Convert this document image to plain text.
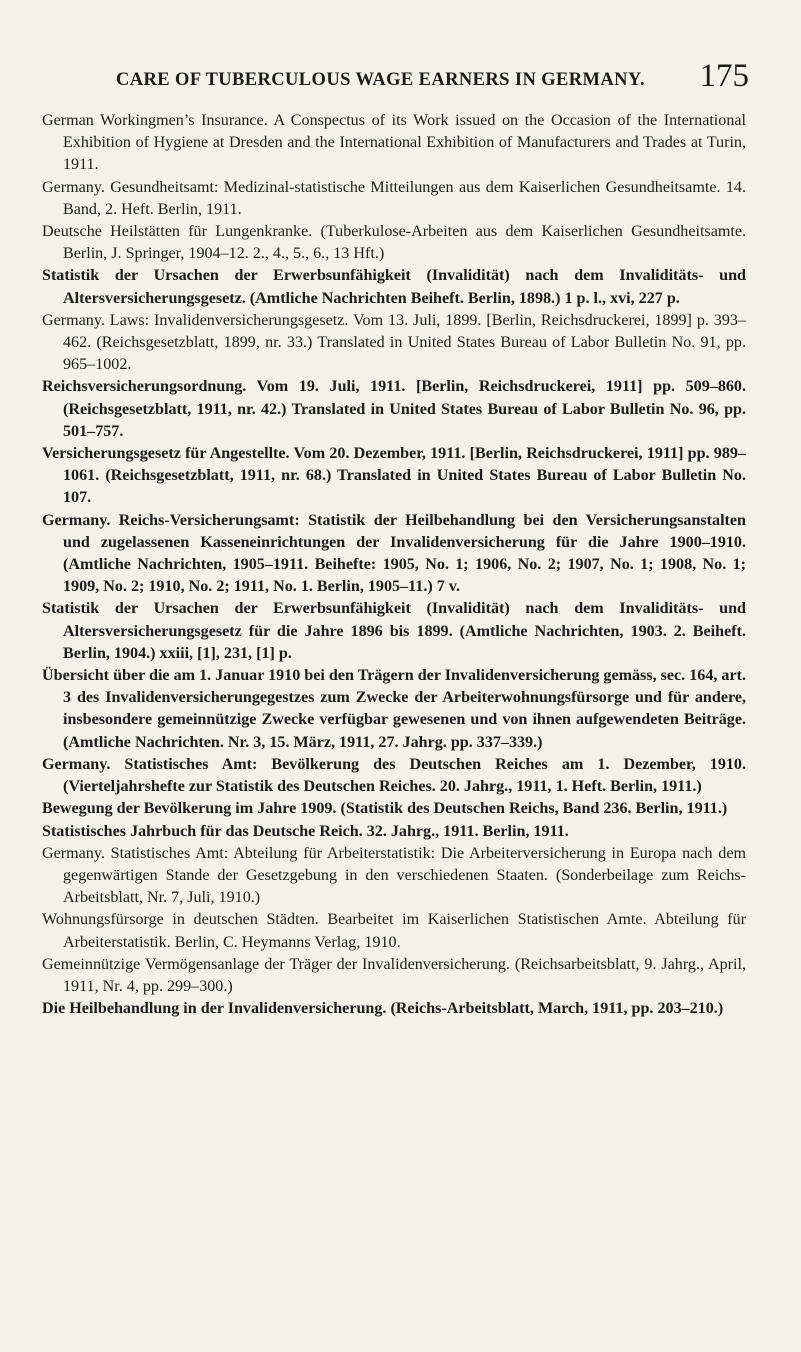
CARE OF TUBERCULOUS WAGE EARNERS IN GERMANY. 175
German Workingmen’s Insurance. A Conspectus of its Work issued on the Occasion of the International Exhibition of Hygiene at Dresden and the International Exhibition of Manufacturers and Trades at Turin, 1911.
Germany. Gesundheitsamt: Medizinal-statistische Mitteilungen aus dem Kaiserlichen Gesundheitsamte. 14. Band, 2. Heft. Berlin, 1911.
Deutsche Heilstätten für Lungenkranke. (Tuberkulose-Arbeiten aus dem Kaiserlichen Gesundheitsamte. Berlin, J. Springer, 1904–12. 2., 4., 5., 6., 13 Hft.)
Statistik der Ursachen der Erwerbsunfähigkeit (Invalidität) nach dem Invaliditäts- und Altersversicherungsgesetz. (Amtliche Nachrichten Beiheft. Berlin, 1898.) 1 p. l., xvi, 227 p.
Germany. Laws: Invalidenversicherungsgesetz. Vom 13. Juli, 1899. [Berlin, Reichsdruckerei, 1899] p. 393–462. (Reichsgesetzblatt, 1899, nr. 33.) Translated in United States Bureau of Labor Bulletin No. 91, pp. 965–1002.
Reichsversicherungsordnung. Vom 19. Juli, 1911. [Berlin, Reichsdruckerei, 1911] pp. 509–860. (Reichsgesetzblatt, 1911, nr. 42.) Translated in United States Bureau of Labor Bulletin No. 96, pp. 501–757.
Versicherungsgesetz für Angestellte. Vom 20. Dezember, 1911. [Berlin, Reichsdruckerei, 1911] pp. 989–1061. (Reichsgesetzblatt, 1911, nr. 68.) Translated in United States Bureau of Labor Bulletin No. 107.
Germany. Reichs-Versicherungsamt: Statistik der Heilbehandlung bei den Versicherungsanstalten und zugelassenen Kasseneinrichtungen der Invalidenversicherung für die Jahre 1900–1910. (Amtliche Nachrichten, 1905–1911. Beihefte: 1905, No. 1; 1906, No. 2; 1907, No. 1; 1908, No. 1; 1909, No. 2; 1910, No. 2; 1911, No. 1. Berlin, 1905–11.) 7 v.
Statistik der Ursachen der Erwerbsunfähigkeit (Invalidität) nach dem Invaliditäts- und Altersversicherungsgesetz für die Jahre 1896 bis 1899. (Amtliche Nachrichten, 1903. 2. Beiheft. Berlin, 1904.) xxiii, [1], 231, [1] p.
Übersicht über die am 1. Januar 1910 bei den Trägern der Invalidenversicherung gemäss, sec. 164, art. 3 des Invalidenversicherungegestzes zum Zwecke der Arbeiterwohnungsfürsorge und für andere, insbesondere gemeinnützige Zwecke verfügbar gewesenen und von ihnen aufgewendeten Beiträge. (Amtliche Nachrichten. Nr. 3, 15. März, 1911, 27. Jahrg. pp. 337–339.)
Germany. Statistisches Amt: Bevölkerung des Deutschen Reiches am 1. Dezember, 1910. (Vierteljahrshefte zur Statistik des Deutschen Reiches. 20. Jahrg., 1911, 1. Heft. Berlin, 1911.)
Bewegung der Bevölkerung im Jahre 1909. (Statistik des Deutschen Reichs, Band 236. Berlin, 1911.)
Statistisches Jahrbuch für das Deutsche Reich. 32. Jahrg., 1911. Berlin, 1911.
Germany. Statistisches Amt: Abteilung für Arbeiterstatistik: Die Arbeiterversicherung in Europa nach dem gegenwärtigen Stande der Gesetzgebung in den verschiedenen Staaten. (Sonderbeilage zum Reichs-Arbeitsblatt, Nr. 7, Juli, 1910.)
Wohnungsfürsorge in deutschen Städten. Bearbeitet im Kaiserlichen Statistischen Amte. Abteilung für Arbeiterstatistik. Berlin, C. Heymanns Verlag, 1910.
Gemeinnützige Vermögensanlage der Träger der Invalidenversicherung. (Reichsarbeitsblatt, 9. Jahrg., April, 1911, Nr. 4, pp. 299–300.)
Die Heilbehandlung in der Invalidenversicherung. (Reichs-Arbeitsblatt, March, 1911, pp. 203–210.)
